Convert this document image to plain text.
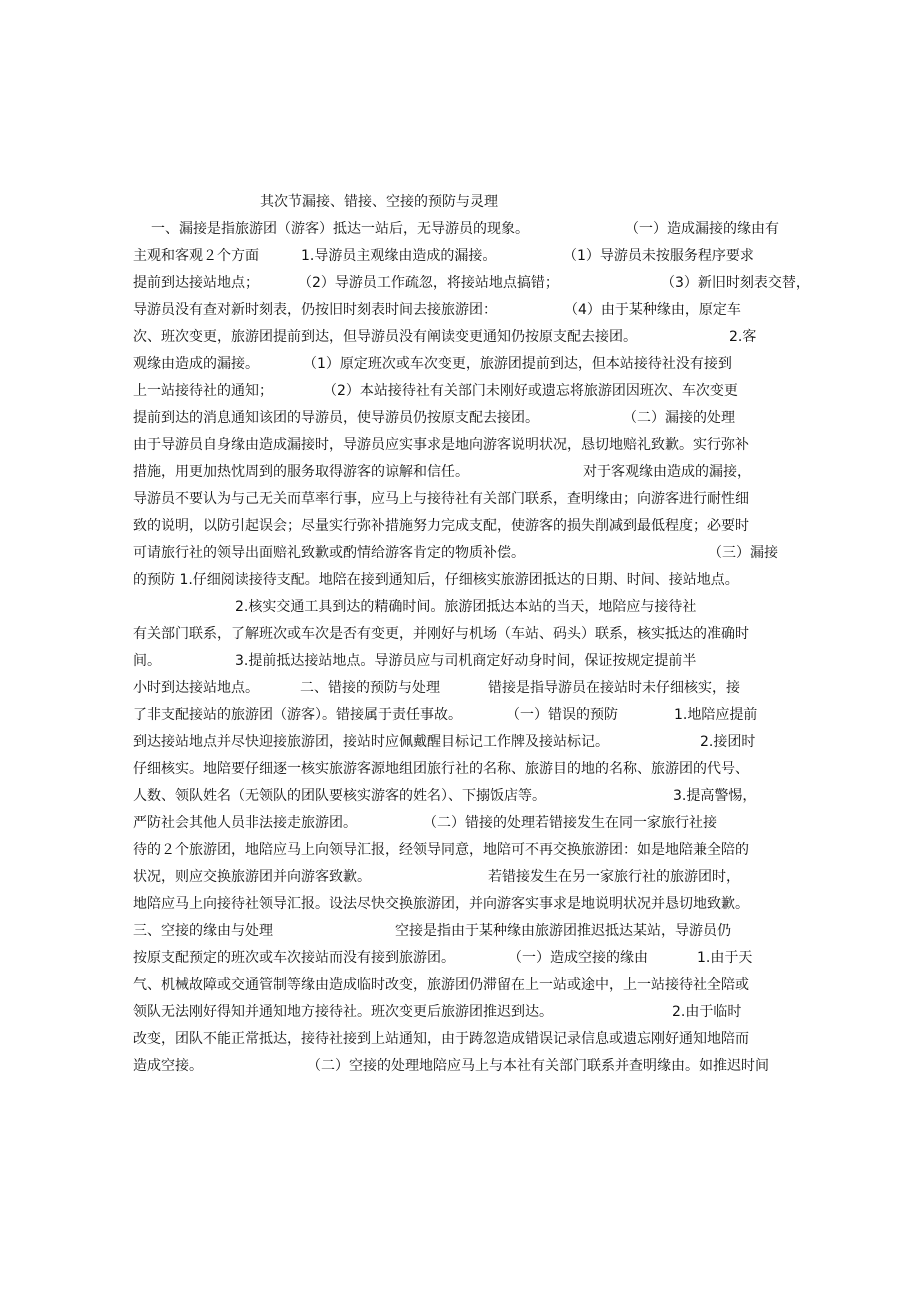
其次节漏接、错接、空接的预防与灵理
一、漏接是指旅游团（游客）抵达一站后，无导游员的现象。	（一）造成漏接的缘由有
主观和客观２个方面	1.导游员主观缘由造成的漏接。	（1）导游员未按服务程序要求
提前到达接站地点；	（2）导游员工作疏忽，将接站地点搞错；	（3）新旧时刻表交替，
导游员没有查对新时刻表，仍按旧时刻表时间去接旅游团：	（4）由于某种缘由，原定车
次、班次变更，旅游团提前到达，但导游员没有阐读变更通知仍按原支配去接团。	2.客
观缘由造成的漏接。	（1）原定班次或车次变更，旅游团提前到达，但本站接待社没有接到
上一站接待社的通知；	（2）本站接待社有关部门未刚好或遗忘将旅游团因班次、车次变更
提前到达的消息通知该团的导游员，使导游员仍按原支配去接团。	（二）漏接的处理
由于导游员自身缘由造成漏接时，导游员应实事求是地向游客说明状况，恳切地赔礼致歉。实行弥补
措施，用更加热忱周到的服务取得游客的谅解和信任。	对于客观缘由造成的漏接，
导游员不要认为与己无关而草率行事，应马上与接待社有关部门联系，查明缘由；向游客进行耐性细
致的说明，以防引起误会；尽量实行弥补措施努力完成支配，使游客的损失削减到最低程度；必要时
可请旅行社的领导出面赔礼致歉或酌情给游客肯定的物质补偿。	（三）漏接
的预防 1.仔细阅读接待支配。地陪在接到通知后，仔细核实旅游团抵达的日期、时间、接站地点。
2.核实交通工具到达的精确时间。旅游团抵达本站的当天，地陪应与接待社
有关部门联系，了解班次或车次是否有变更，并刚好与机场（车站、码头）联系，核实抵达的准确时
间。	3.提前抵达接站地点。导游员应与司机商定好动身时间，保证按规定提前半
小时到达接站地点。	二、错接的预防与处理	错接是指导游员在接站时未仔细核实，接
了非支配接站的旅游团（游客）。错接属于责任事故。	（一）错误的预防	1.地陪应提前
到达接站地点并尽快迎接旅游团，接站时应佩戴醒目标记工作牌及接站标记。	2.接团时
仔细核实。地陪要仔细逐一核实旅游客源地组团旅行社的名称、旅游目的地的名称、旅游团的代号、
人数、领队姓名（无领队的团队要核实游客的姓名）、下搦饭店等。	3.提高警惕，
严防社会其他人员非法接走旅游团。	（二）错接的处理若错接发生在同一家旅行社接
待的２个旅游团，地陪应马上向领导汇报，经领导同意，地陪可不再交换旅游团：如是地陪兼全陪的
状况，则应交换旅游团并向游客致歉。	若错接发生在另一家旅行社的旅游团时，
地陪应马上向接待社领导汇报。设法尽快交换旅游团，并向游客实事求是地说明状况并恳切地致歉。
三、空接的缘由与处理	空接是指由于某种缘由旅游团推迟抵达某站，导游员仍
按原支配预定的班次或车次接站而没有接到旅游团。	（一）造成空接的缘由	1.由于天
气、机械故障或交通管制等缘由造成临时改变，旅游团仍滞留在上一站或途中，上一站接待社全陪或
领队无法刚好得知并通知地方接待社。班次变更后旅游团推迟到达。	2.由于临时
改变，团队不能正常抵达，接待社接到上站通知，由于踌忽造成错误记录信息或遗忘刚好通知地陪而
造成空接。	（二）空接的处理地陪应马上与本社有关部门联系并查明缘由。如推迟时间
